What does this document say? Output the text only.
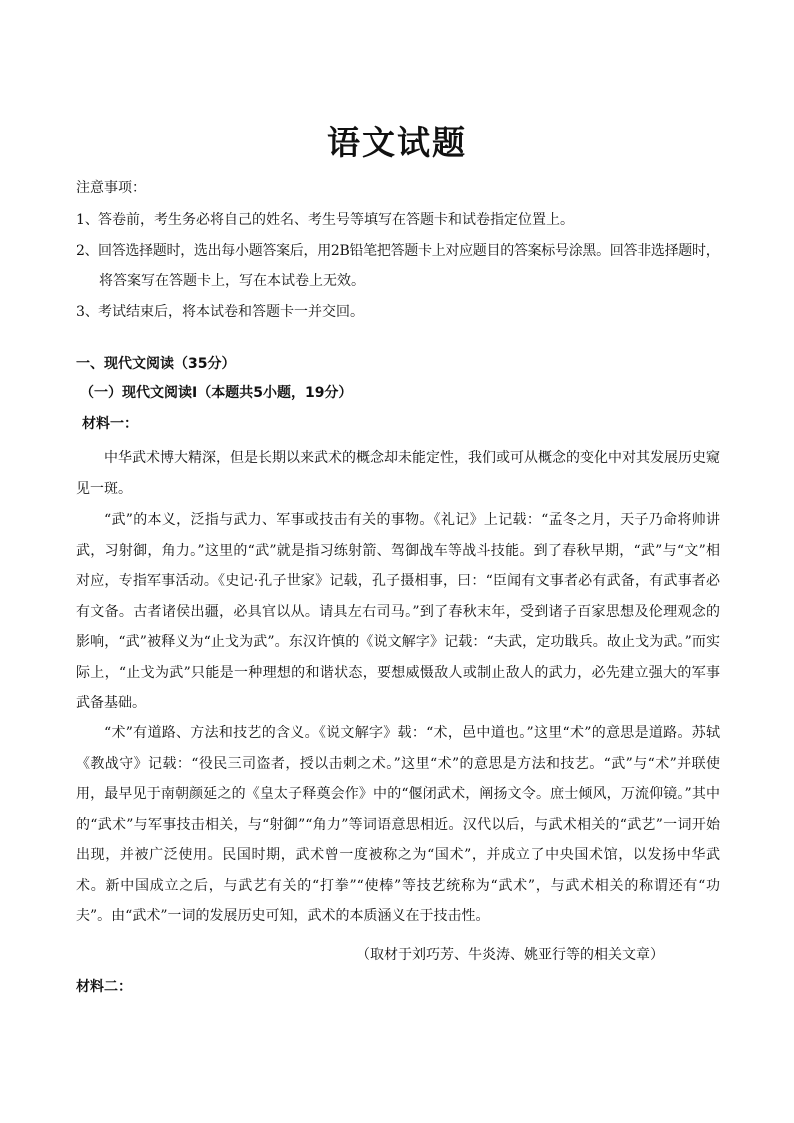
语文试题
注意事项：
1、答卷前，考生务必将自己的姓名、考生号等填写在答题卡和试卷指定位置上。
2、回答选择题时，选出每小题答案后，用2B铅笔把答题卡上对应题目的答案标号涂黑。回答非选择题时，
将答案写在答题卡上，写在本试卷上无效。
3、考试结束后，将本试卷和答题卡一并交回。
一、现代文阅读（35分）
（一）现代文阅读Ⅰ（本题共5小题，19分）
材料一：

中华武术博大精深，但是长期以来武术的概念却未能定性，我们或可从概念的变化中对其发展历史窥见一斑。

“武”的本义，泛指与武力、军事或技击有关的事物。《礼记》上记载：“孟冬之月，天子乃命将帅讲武，习射御，角力。”这里的“武”就是指习练射箭、驾御战车等战斗技能。到了春秋早期，“武”与“文”相对应，专指军事活动。《史记·孔子世家》记载，孔子摄相事，曰：“臣闻有文事者必有武备，有武事者必有文备。古者诸侯出疆，必具官以从。请具左右司马。”到了春秋末年，受到诸子百家思想及伦理观念的影响，“武”被释义为“止戈为武”。东汉许慎的《说文解字》记载：“夫武，定功戢兵。故止戈为武。”而实际上，“止戈为武”只能是一种理想的和谐状态，要想威慑敌人或制止敌人的武力，必先建立强大的军事武备基础。

“术”有道路、方法和技艺的含义。《说文解字》载：“术，邑中道也。”这里“术”的意思是道路。苏轼《教战守》记载：“役民三司盗者，授以击刺之术。”这里“术”的意思是方法和技艺。“武”与“术”并联使用，最早见于南朝颜延之的《皇太子释奠会作》中的“偃闭武术，阐扬文令。庶士倾风，万流仰镜。”其中的“武术”与军事技击相关，与“射御”“角力”等词语意思相近。汉代以后，与武术相关的“武艺”一词开始出现，并被广泛使用。民国时期，武术曾一度被称之为“国术”，并成立了中央国术馆，以发扬中华武术。新中国成立之后，与武艺有关的“打拳”“使棒”等技艺统称为“武术”，与武术相关的称谓还有“功夫”。由“武术”一词的发展历史可知，武术的本质涵义在于技击性。

（取材于刘巧芳、牛炎涛、姚亚行等的相关文章）
材料二：
